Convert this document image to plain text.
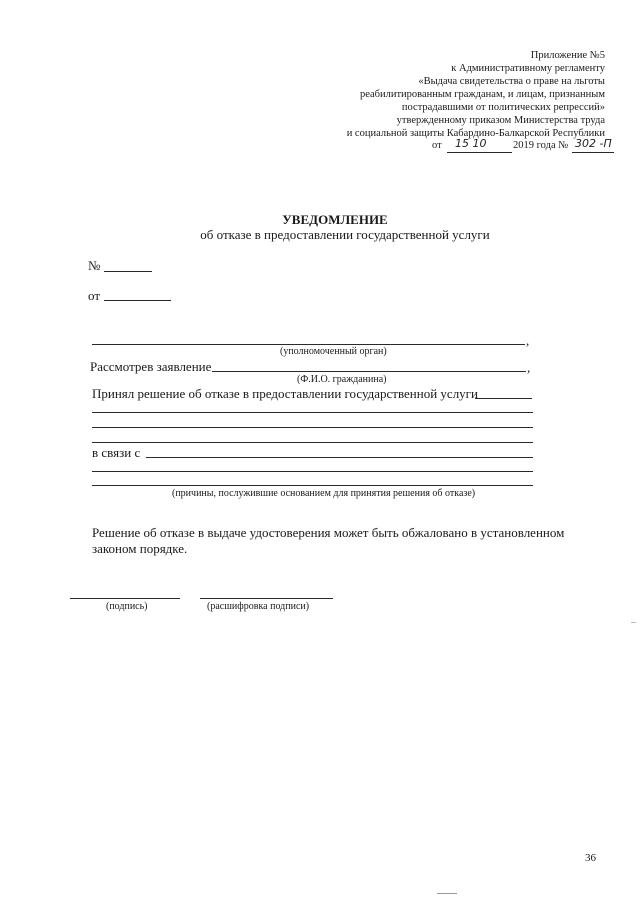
Приложение №5
к Административному регламенту
«Выдача свидетельства о праве на льготы
реабилитированным гражданам, и лицам, признанным
пострадавшими от политических репрессий»
утвержденному приказом Министерства труда
и социальной защиты Кабардино-Балкарской Республики
от 15 10	2019 года № 302 -П
УВЕДОМЛЕНИЕ
об отказе в предоставлении государственной услуги
№
от
,
(уполномоченный орган)
Рассмотрев заявление	,
(Ф.И.О. гражданина)
Принял решение об отказе в предоставлении государственной услуги
в связи с
(причины, послужившие основанием для принятия решения об отказе)
Решение об отказе в выдаче удостоверения может быть обжаловано в установленном
законом порядке.
(подпись)	(расшифровка подписи)
36
